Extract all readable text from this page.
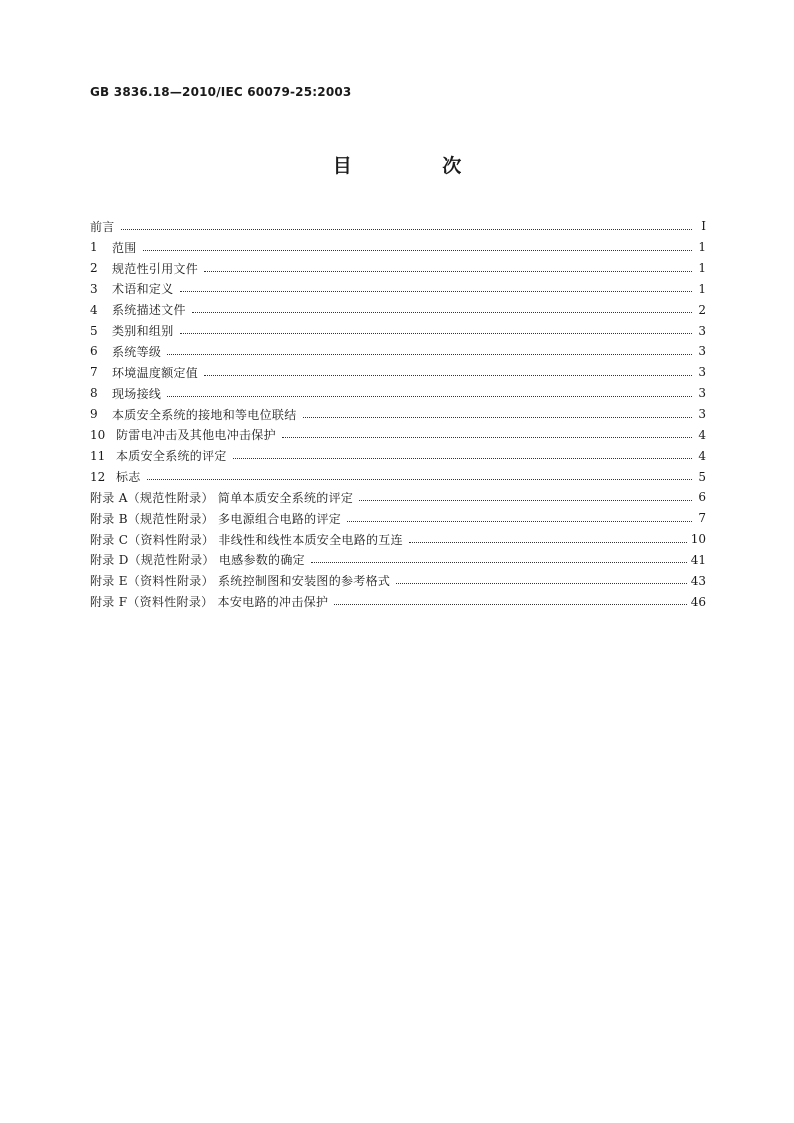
GB 3836.18—2010/IEC 60079-25:2003
目 次
前言	Ⅰ
1	范围	1
2	规范性引用文件	1
3	术语和定义	1
4	系统描述文件	2
5	类别和组别	3
6	系统等级	3
7	环境温度额定值	3
8	现场接线	3
9	本质安全系统的接地和等电位联结	3
10 防雷电冲击及其他电冲击保护	4
11 本质安全系统的评定	4
12 标志	5
附录 A（规范性附录） 简单本质安全系统的评定	6
附录 B（规范性附录） 多电源组合电路的评定	7
附录 C（资料性附录） 非线性和线性本质安全电路的互连	10
附录 D（规范性附录） 电感参数的确定	41
附录 E（资料性附录） 系统控制图和安装图的参考格式	43
附录 F（资料性附录） 本安电路的冲击保护	46
